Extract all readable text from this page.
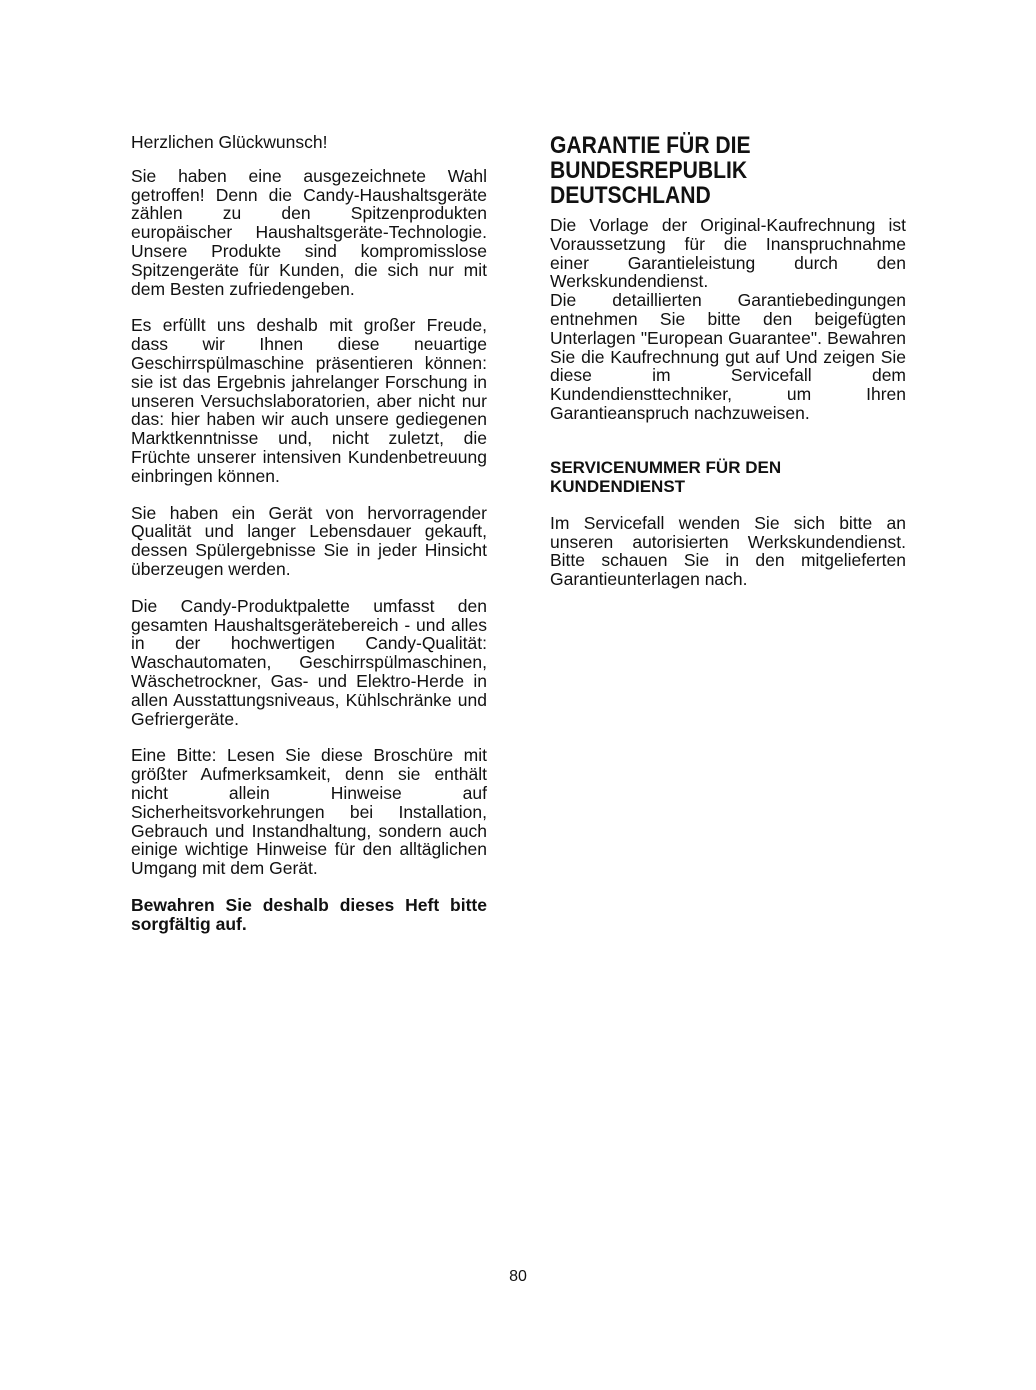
Herzlichen Glückwunsch!

Sie haben eine ausgezeichnete Wahl getroffen! Denn die Candy-Haushaltsgeräte zählen zu den Spitzenprodukten europäischer Haushaltsgeräte-Technologie. Unsere Produkte sind kompromisslose Spitzengeräte für Kunden, die sich nur mit dem Besten zufriedengeben.

Es erfüllt uns deshalb mit großer Freude, dass wir Ihnen diese neuartige Geschirrspülmaschine präsentieren können: sie ist das Ergebnis jahrelanger Forschung in unseren Versuchslaboratorien, aber nicht nur das: hier haben wir auch unsere gediegenen Marktkenntnisse und, nicht zuletzt, die Früchte unserer intensiven Kundenbetreuung einbringen können.

Sie haben ein Gerät von hervorragender Qualität und langer Lebensdauer gekauft, dessen Spülergebnisse Sie in jeder Hinsicht überzeugen werden.

Die Candy-Produktpalette umfasst den gesamten Haushaltsgerätebereich - und alles in der hochwertigen Candy-Qualität: Waschautomaten, Geschirrspülmaschinen, Wäschetrockner, Gas- und Elektro-Herde in allen Ausstattungsniveaus, Kühlschränke und Gefriergeräte.

Eine Bitte: Lesen Sie diese Broschüre mit größter Aufmerksamkeit, denn sie enthält nicht allein Hinweise auf Sicherheitsvorkehrungen bei Installation, Gebrauch und Instandhaltung, sondern auch einige wichtige Hinweise für den alltäglichen Umgang mit dem Gerät.

Bewahren Sie deshalb dieses Heft bitte sorgfältig auf.

GARANTIE FÜR DIE
BUNDESREPUBLIK
DEUTSCHLAND

Die Vorlage der Original-Kaufrechnung ist Voraussetzung für die Inanspruchnahme einer Garantieleistung durch den Werkskundendienst.

Die detaillierten Garantiebedingungen entnehmen Sie bitte den beigefügten Unterlagen "European Guarantee". Bewahren Sie die Kaufrechnung gut auf Und zeigen Sie diese im Servicefall dem Kundendiensttechniker, um Ihren Garantieanspruch nachzuweisen.

SERVICENUMMER FÜR DEN
KUNDENDIENST

Im Servicefall wenden Sie sich bitte an unseren autorisierten Werkskundendienst. Bitte schauen Sie in den mitgelieferten Garantieunterlagen nach.

80
